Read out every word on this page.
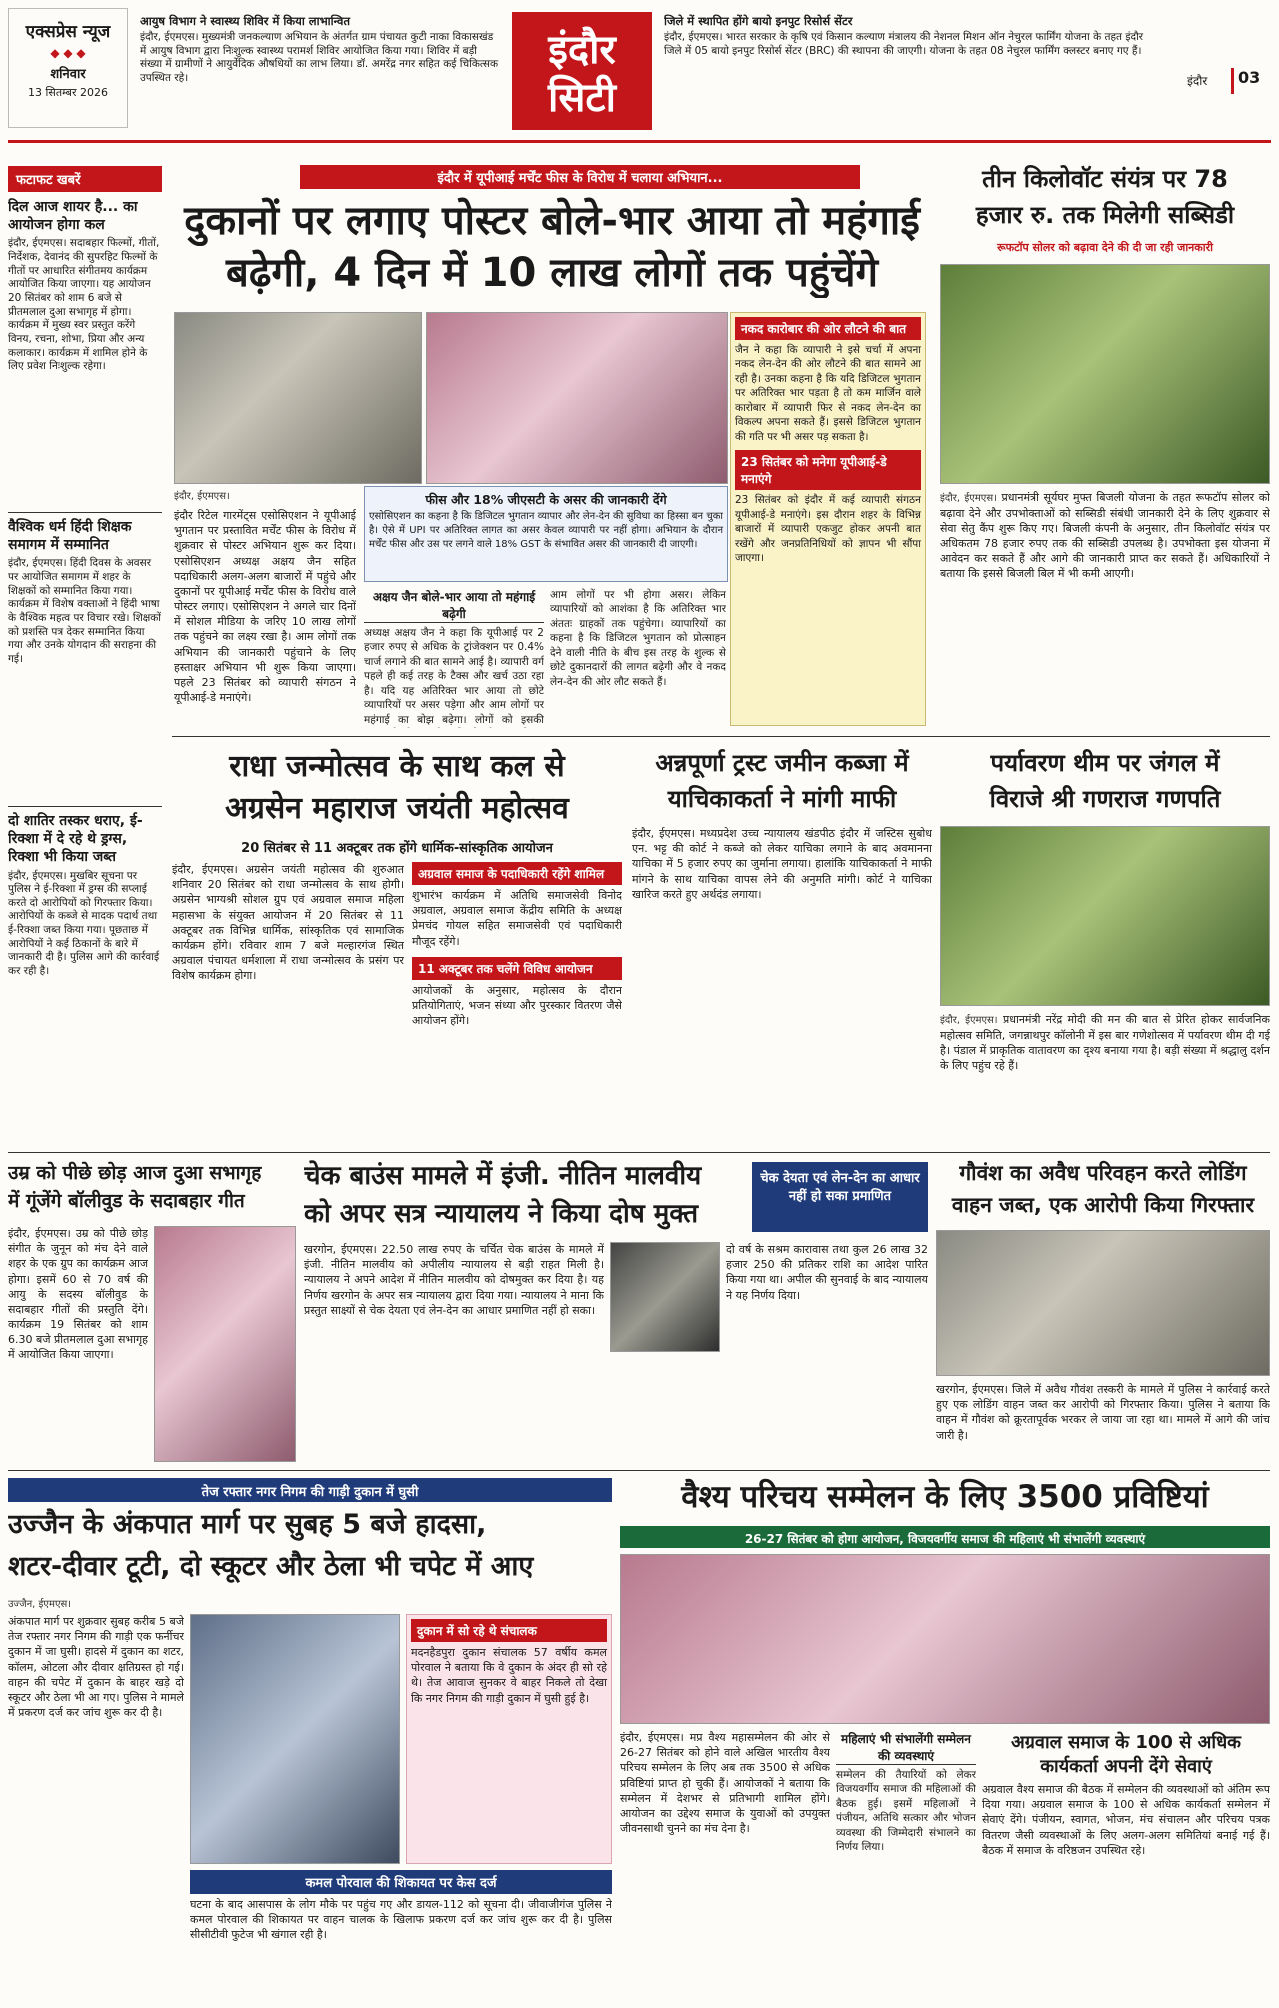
एक्सप्रेस न्यूज
◆ ◆ ◆
शनिवार
13 सितम्बर 2026
आयुष विभाग ने स्वास्थ्य शिविर में किया लाभान्वित
इंदौर, ईएमएस। मुख्यमंत्री जनकल्याण अभियान के अंतर्गत ग्राम पंचायत कुटी नाका विकासखंड में आयुष विभाग द्वारा निःशुल्क स्वास्थ्य परामर्श शिविर आयोजित किया गया। शिविर में बड़ी संख्या में ग्रामीणों ने आयुर्वेदिक औषधियों का लाभ लिया। डॉ. अमरेंद्र नगर सहित कई चिकित्सक उपस्थित रहे।
इंदौर
सिटी
जिले में स्थापित होंगे बायो इनपुट रिसोर्स सेंटर
इंदौर, ईएमएस। भारत सरकार के कृषि एवं किसान कल्याण मंत्रालय की नेशनल मिशन ऑन नेचुरल फार्मिंग योजना के तहत इंदौर जिले में 05 बायो इनपुट रिसोर्स सेंटर (BRC) की स्थापना की जाएगी। योजना के तहत 08 नेचुरल फार्मिंग क्लस्टर बनाए गए हैं।
इंदौर	03
फटाफट खबरें
दिल आज शायर है... का आयोजन होगा कल
इंदौर, ईएमएस। सदाबहार फिल्मों, गीतों, निर्देशक, देवानंद की सुपरहिट फिल्मों के गीतों पर आधारित संगीतमय कार्यक्रम आयोजित किया जाएगा। यह आयोजन 20 सितंबर को शाम 6 बजे से प्रीतमलाल दुआ सभागृह में होगा। कार्यक्रम में मुख्य स्वर प्रस्तुत करेंगे विनय, रचना, शोभा, प्रिया और अन्य कलाकार। कार्यक्रम में शामिल होने के लिए प्रवेश निःशुल्क रहेगा।
वैश्विक धर्म हिंदी शिक्षक समागम में सम्मानित
इंदौर, ईएमएस। हिंदी दिवस के अवसर पर आयोजित समागम में शहर के शिक्षकों को सम्मानित किया गया। कार्यक्रम में विशेष वक्ताओं ने हिंदी भाषा के वैश्विक महत्व पर विचार रखे। शिक्षकों को प्रशस्ति पत्र देकर सम्मानित किया गया और उनके योगदान की सराहना की गई।
दो शातिर तस्कर धराए, ई-रिक्शा में दे रहे थे ड्रग्स, रिक्शा भी किया जब्त
इंदौर, ईएमएस। मुखबिर सूचना पर पुलिस ने ई-रिक्शा में ड्रग्स की सप्लाई करते दो आरोपियों को गिरफ्तार किया। आरोपियों के कब्जे से मादक पदार्थ तथा ई-रिक्शा जब्त किया गया। पूछताछ में आरोपियों ने कई ठिकानों के बारे में जानकारी दी है। पुलिस आगे की कार्रवाई कर रही है।
इंदौर में यूपीआई मर्चेंट फीस के विरोध में चलाया अभियान...
दुकानों पर लगाए पोस्टर बोले-भार आया तो महंगाई
बढ़ेगी, 4 दिन में 10 लाख लोगों तक पहुंचेंगे
इंदौर, ईएमएस।
नकद कारोबार की ओर लौटने की बात
जैन ने कहा कि व्यापारी ने इसे चर्चा में अपना नकद लेन-देन की ओर लौटने की बात सामने आ रही है। उनका कहना है कि यदि डिजिटल भुगतान पर अतिरिक्त भार पड़ता है तो कम मार्जिन वाले कारोबार में व्यापारी फिर से नकद लेन-देन का विकल्प अपना सकते हैं। इससे डिजिटल भुगतान की गति पर भी असर पड़ सकता है।
23 सितंबर को मनेगा यूपीआई-डे मनाएंगे
23 सितंबर को इंदौर में कई व्यापारी संगठन यूपीआई-डे मनाएंगे। इस दौरान शहर के विभिन्न बाजारों में व्यापारी एकजुट होकर अपनी बात रखेंगे और जनप्रतिनिधियों को ज्ञापन भी सौंपा जाएगा।
फीस और 18% जीएसटी के असर की जानकारी देंगे
एसोसिएशन का कहना है कि डिजिटल भुगतान व्यापार और लेन-देन की सुविधा का हिस्सा बन चुका है। ऐसे में UPI पर अतिरिक्त लागत का असर केवल व्यापारी पर नहीं होगा। अभियान के दौरान मर्चेंट फीस और उस पर लगने वाले 18% GST के संभावित असर की जानकारी दी जाएगी।
इंदौर रिटेल गारमेंट्स एसोसिएशन ने यूपीआई भुगतान पर प्रस्तावित मर्चेंट फीस के विरोध में शुक्रवार से पोस्टर अभियान शुरू कर दिया। एसोसिएशन अध्यक्ष अक्षय जैन सहित पदाधिकारी अलग-अलग बाजारों में पहुंचे और दुकानों पर यूपीआई मर्चेंट फीस के विरोध वाले पोस्टर लगाए। एसोसिएशन ने अगले चार दिनों में सोशल मीडिया के जरिए 10 लाख लोगों तक पहुंचने का लक्ष्य रखा है। आम लोगों तक अभियान की जानकारी पहुंचाने के लिए हस्ताक्षर अभियान भी शुरू किया जाएगा। पहले 23 सितंबर को व्यापारी संगठन ने यूपीआई-डे मनाएंगे।
अक्षय जैन बोले-भार आया तो महंगाई बढ़ेगी
अध्यक्ष अक्षय जैन ने कहा कि यूपीआई पर 2 हजार रुपए से अधिक के ट्रांजेक्शन पर 0.4% चार्ज लगाने की बात सामने आई है। व्यापारी वर्ग पहले ही कई तरह के टैक्स और खर्च उठा रहा है। यदि यह अतिरिक्त भार आया तो छोटे व्यापारियों पर असर पड़ेगा और आम लोगों पर महंगाई का बोझ बढ़ेगा। लोगों को इसकी
आम लोगों पर भी होगा असर। लेकिन व्यापारियों को आशंका है कि अतिरिक्त भार अंततः ग्राहकों तक पहुंचेगा। व्यापारियों का कहना है कि डिजिटल भुगतान को प्रोत्साहन देने वाली नीति के बीच इस तरह के शुल्क से छोटे दुकानदारों की लागत बढ़ेगी और वे नकद लेन-देन की ओर लौट सकते हैं।
तीन किलोवॉट संयंत्र पर 78
हजार रु. तक मिलेगी सब्सिडी
रूफटॉप सोलर को बढ़ावा देने की दी जा रही जानकारी
इंदौर, ईएमएस। प्रधानमंत्री सूर्यघर मुफ्त बिजली योजना के तहत रूफटॉप सोलर को बढ़ावा देने और उपभोक्ताओं को सब्सिडी संबंधी जानकारी देने के लिए शुक्रवार से सेवा सेतु कैंप शुरू किए गए। बिजली कंपनी के अनुसार, तीन किलोवॉट संयंत्र पर अधिकतम 78 हजार रुपए तक की सब्सिडी उपलब्ध है। उपभोक्ता इस योजना में आवेदन कर सकते हैं और आगे की जानकारी प्राप्त कर सकते हैं। अधिकारियों ने बताया कि इससे बिजली बिल में भी कमी आएगी।
राधा जन्मोत्सव के साथ कल से
अग्रसेन महाराज जयंती महोत्सव
20 सितंबर से 11 अक्टूबर तक होंगे धार्मिक-सांस्कृतिक आयोजन
इंदौर, ईएमएस। अग्रसेन जयंती महोत्सव की शुरुआत शनिवार 20 सितंबर को राधा जन्मोत्सव के साथ होगी। अग्रसेन भाग्यश्री सोशल ग्रुप एवं अग्रवाल समाज महिला महासभा के संयुक्त आयोजन में 20 सितंबर से 11 अक्टूबर तक विभिन्न धार्मिक, सांस्कृतिक एवं सामाजिक कार्यक्रम होंगे। रविवार शाम 7 बजे मल्हारगंज स्थित अग्रवाल पंचायत धर्मशाला में राधा जन्मोत्सव के प्रसंग पर विशेष कार्यक्रम होगा।
अग्रवाल समाज के पदाधिकारी रहेंगे शामिल
शुभारंभ कार्यक्रम में अतिथि समाजसेवी विनोद अग्रवाल, अग्रवाल समाज केंद्रीय समिति के अध्यक्ष प्रेमचंद गोयल सहित समाजसेवी एवं पदाधिकारी मौजूद रहेंगे।
11 अक्टूबर तक चलेंगे विविध आयोजन
आयोजकों के अनुसार, महोत्सव के दौरान प्रतियोगिताएं, भजन संध्या और पुरस्कार वितरण जैसे आयोजन होंगे।
अन्नपूर्णा ट्रस्ट जमीन कब्जा में
याचिकाकर्ता ने मांगी माफी
इंदौर, ईएमएस। मध्यप्रदेश उच्च न्यायालय खंडपीठ इंदौर में जस्टिस सुबोध एन. भट्ट की कोर्ट ने कब्जे को लेकर याचिका लगाने के बाद अवमानना याचिका में 5 हजार रुपए का जुर्माना लगाया। हालांकि याचिकाकर्ता ने माफी मांगने के साथ याचिका वापस लेने की अनुमति मांगी। कोर्ट ने याचिका खारिज करते हुए अर्थदंड लगाया।
पर्यावरण थीम पर जंगल में
विराजे श्री गणराज गणपति
इंदौर, ईएमएस। प्रधानमंत्री नरेंद्र मोदी की मन की बात से प्रेरित होकर सार्वजनिक महोत्सव समिति, जगन्नाथपुर कॉलोनी में इस बार गणेशोत्सव में पर्यावरण थीम दी गई है। पंडाल में प्राकृतिक वातावरण का दृश्य बनाया गया है। बड़ी संख्या में श्रद्धालु दर्शन के लिए पहुंच रहे हैं।
उम्र को पीछे छोड़ आज दुआ सभागृह
में गूंजेंगे बॉलीवुड के सदाबहार गीत
इंदौर, ईएमएस। उम्र को पीछे छोड़ संगीत के जुनून को मंच देने वाले शहर के एक ग्रुप का कार्यक्रम आज होगा। इसमें 60 से 70 वर्ष की आयु के सदस्य बॉलीवुड के सदाबहार गीतों की प्रस्तुति देंगे। कार्यक्रम 19 सितंबर को शाम 6.30 बजे प्रीतमलाल दुआ सभागृह में आयोजित किया जाएगा।
चेक बाउंस मामले में इंजी. नीतिन मालवीय
को अपर सत्र न्यायालय ने किया दोष मुक्त
चेक देयता एवं लेन-देन का आधार नहीं हो सका प्रमाणित
खरगोन, ईएमएस। 22.50 लाख रुपए के चर्चित चेक बाउंस के मामले में इंजी. नीतिन मालवीय को अपीलीय न्यायालय से बड़ी राहत मिली है। न्यायालय ने अपने आदेश में नीतिन मालवीय को दोषमुक्त कर दिया है। यह निर्णय खरगोन के अपर सत्र न्यायालय द्वारा दिया गया। न्यायालय ने माना कि प्रस्तुत साक्ष्यों से चेक देयता एवं लेन-देन का आधार प्रमाणित नहीं हो सका।
दो वर्ष के सश्रम कारावास तथा कुल 26 लाख 32 हजार 250 की प्रतिकर राशि का आदेश पारित किया गया था। अपील की सुनवाई के बाद न्यायालय ने यह निर्णय दिया।
गौवंश का अवैध परिवहन करते लोडिंग
वाहन जब्त, एक आरोपी किया गिरफ्तार
खरगोन, ईएमएस। जिले में अवैध गौवंश तस्करी के मामले में पुलिस ने कार्रवाई करते हुए एक लोडिंग वाहन जब्त कर आरोपी को गिरफ्तार किया। पुलिस ने बताया कि वाहन में गौवंश को क्रूरतापूर्वक भरकर ले जाया जा रहा था। मामले में आगे की जांच जारी है।
तेज रफ्तार नगर निगम की गाड़ी दुकान में घुसी
उज्जैन के अंकपात मार्ग पर सुबह 5 बजे हादसा,
शटर-दीवार टूटी, दो स्कूटर और ठेला भी चपेट में आए
उज्जैन, ईएमएस।
अंकपात मार्ग पर शुक्रवार सुबह करीब 5 बजे तेज रफ्तार नगर निगम की गाड़ी एक फर्नीचर दुकान में जा घुसी। हादसे में दुकान का शटर, कॉलम, ओटला और दीवार क्षतिग्रस्त हो गई। वाहन की चपेट में दुकान के बाहर खड़े दो स्कूटर और ठेला भी आ गए। पुलिस ने मामले में प्रकरण दर्ज कर जांच शुरू कर दी है।
दुकान में सो रहे थे संचालक
मदनहैडपुरा दुकान संचालक 57 वर्षीय कमल पोरवाल ने बताया कि वे दुकान के अंदर ही सो रहे थे। तेज आवाज सुनकर वे बाहर निकले तो देखा कि नगर निगम की गाड़ी दुकान में घुसी हुई है।
कमल पोरवाल की शिकायत पर केस दर्ज
घटना के बाद आसपास के लोग मौके पर पहुंच गए और डायल-112 को सूचना दी। जीवाजीगंज पुलिस ने कमल पोरवाल की शिकायत पर वाहन चालक के खिलाफ प्रकरण दर्ज कर जांच शुरू कर दी है। पुलिस सीसीटीवी फुटेज भी खंगाल रही है।
वैश्य परिचय सम्मेलन के लिए 3500 प्रविष्टियां
26-27 सितंबर को होगा आयोजन, विजयवर्गीय समाज की महिलाएं भी संभालेंगी व्यवस्थाएं
इंदौर, ईएमएस। मप्र वैश्य महासम्मेलन की ओर से 26-27 सितंबर को होने वाले अखिल भारतीय वैश्य परिचय सम्मेलन के लिए अब तक 3500 से अधिक प्रविष्टियां प्राप्त हो चुकी हैं। आयोजकों ने बताया कि सम्मेलन में देशभर से प्रतिभागी शामिल होंगे। आयोजन का उद्देश्य समाज के युवाओं को उपयुक्त जीवनसाथी चुनने का मंच देना है।
महिलाएं भी संभालेंगी सम्मेलन की व्यवस्थाएं
सम्मेलन की तैयारियों को लेकर विजयवर्गीय समाज की महिलाओं की बैठक हुई। इसमें महिलाओं ने पंजीयन, अतिथि सत्कार और भोजन व्यवस्था की जिम्मेदारी संभालने का निर्णय लिया।
अग्रवाल समाज के 100 से अधिक
कार्यकर्ता अपनी देंगे सेवाएं
अग्रवाल वैश्य समाज की बैठक में सम्मेलन की व्यवस्थाओं को अंतिम रूप दिया गया। अग्रवाल समाज के 100 से अधिक कार्यकर्ता सम्मेलन में सेवाएं देंगे। पंजीयन, स्वागत, भोजन, मंच संचालन और परिचय पत्रक वितरण जैसी व्यवस्थाओं के लिए अलग-अलग समितियां बनाई गई हैं। बैठक में समाज के वरिष्ठजन उपस्थित रहे।
